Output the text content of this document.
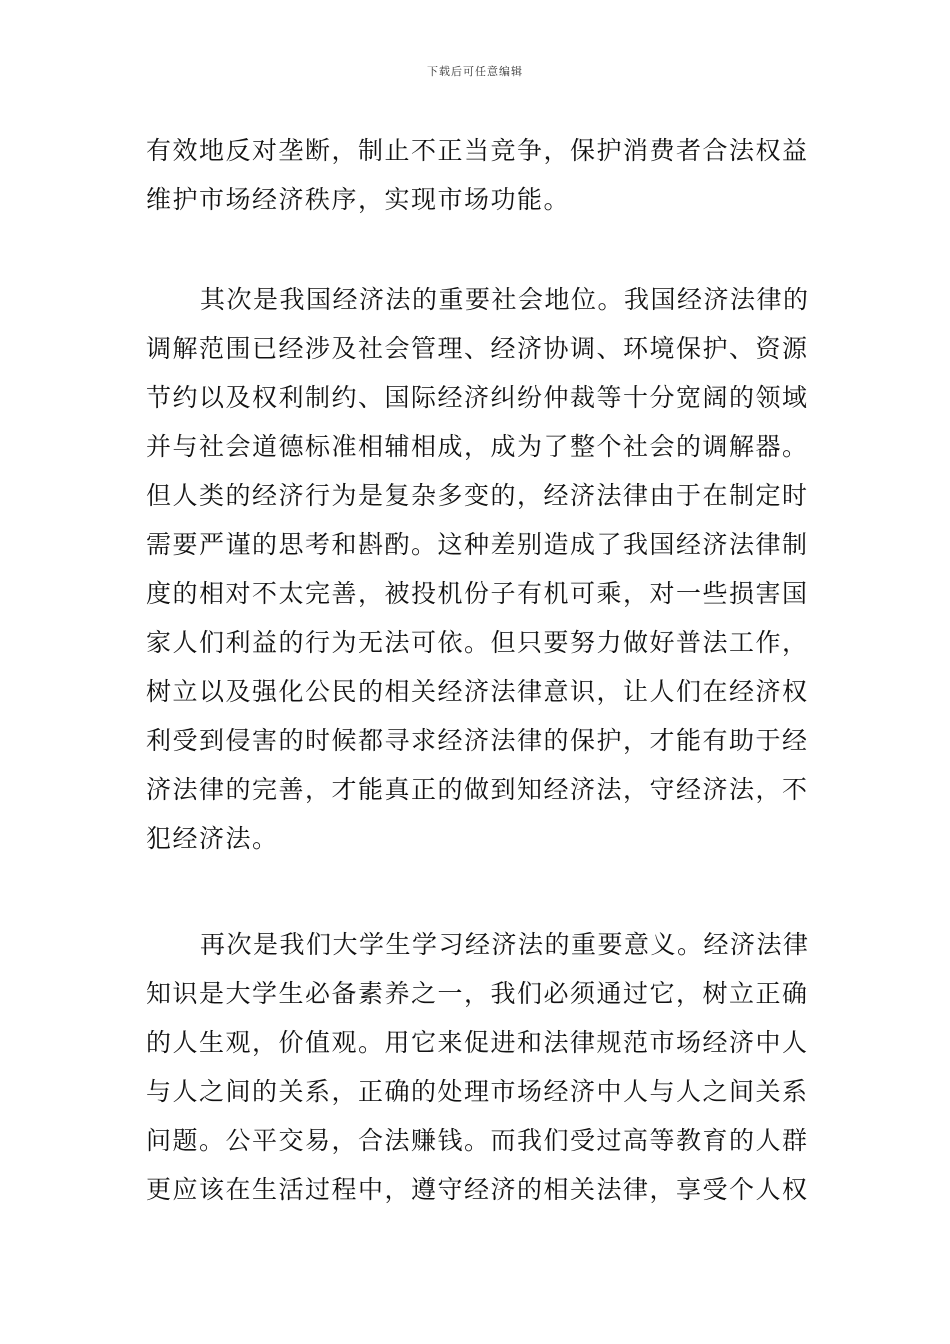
下载后可任意编辑
有效地反对垄断，制止不正当竞争，保护消费者合法权益
维护市场经济秩序，实现市场功能。
其次是我国经济法的重要社会地位。我国经济法律的
调解范围已经涉及社会管理、经济协调、环境保护、资源
节约以及权利制约、国际经济纠纷仲裁等十分宽阔的领域
并与社会道德标准相辅相成，成为了整个社会的调解器。
但人类的经济行为是复杂多变的，经济法律由于在制定时
需要严谨的思考和斟酌。这种差别造成了我国经济法律制
度的相对不太完善，被投机份子有机可乘，对一些损害国
家人们利益的行为无法可依。但只要努力做好普法工作，
树立以及强化公民的相关经济法律意识，让人们在经济权
利受到侵害的时候都寻求经济法律的保护，才能有助于经
济法律的完善，才能真正的做到知经济法，守经济法，不
犯经济法。
再次是我们大学生学习经济法的重要意义。经济法律
知识是大学生必备素养之一，我们必须通过它，树立正确
的人生观，价值观。用它来促进和法律规范市场经济中人
与人之间的关系，正确的处理市场经济中人与人之间关系
问题。公平交易，合法赚钱。而我们受过高等教育的人群
更应该在生活过程中，遵守经济的相关法律，享受个人权
